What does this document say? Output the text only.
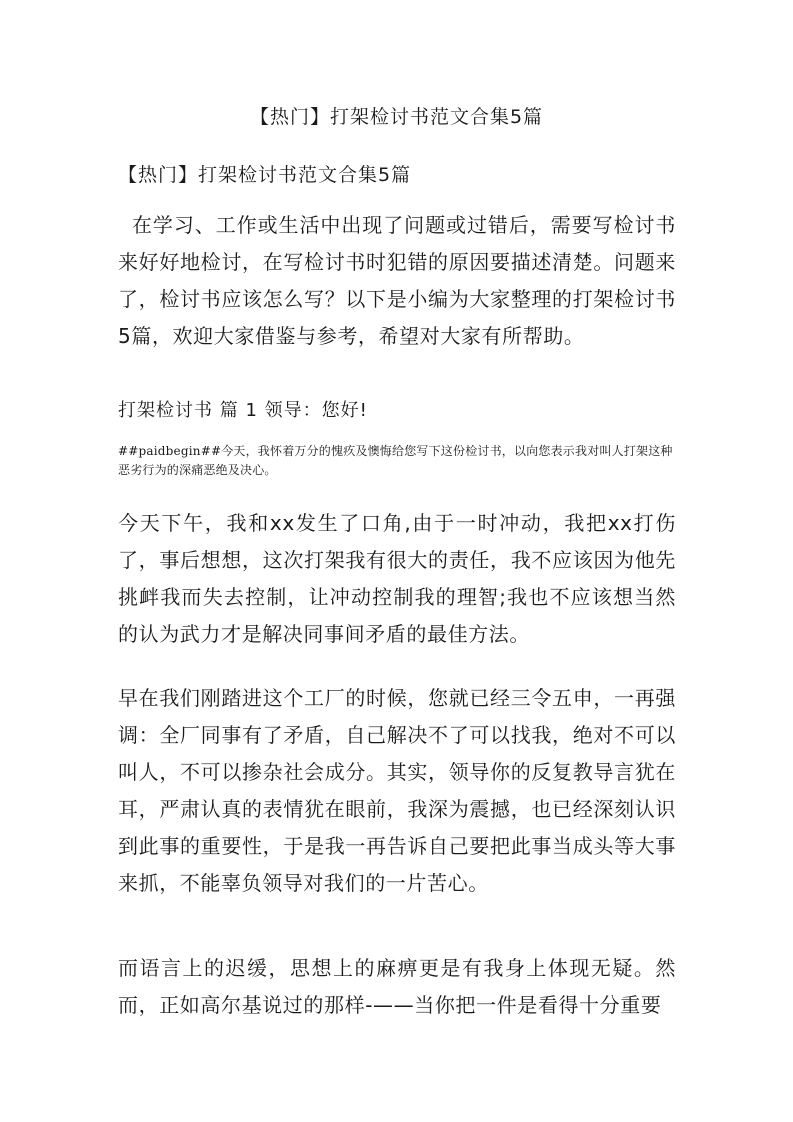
【热门】打架检讨书范文合集5篇
【热门】打架检讨书范文合集5篇

在学习、工作或生活中出现了问题或过错后，需要写检讨书来好好地检讨，在写检讨书时犯错的原因要描述清楚。问题来了，检讨书应该怎么写？以下是小编为大家整理的打架检讨书5篇，欢迎大家借鉴与参考，希望对大家有所帮助。

打架检讨书 篇 1 领导：您好!

##paidbegin##今天，我怀着万分的愧疚及懊悔给您写下这份检讨书，以向您表示我对叫人打架这种恶劣行为的深痛恶绝及决心。

今天下午，我和xx发生了口角,由于一时冲动，我把xx打伤了，事后想想，这次打架我有很大的责任，我不应该因为他先挑衅我而失去控制，让冲动控制我的理智;我也不应该想当然的认为武力才是解决同事间矛盾的最佳方法。

早在我们刚踏进这个工厂的时候，您就已经三令五申，一再强调：全厂同事有了矛盾，自己解决不了可以找我，绝对不可以叫人，不可以掺杂社会成分。其实，领导你的反复教导言犹在耳，严肃认真的表情犹在眼前，我深为震撼，也已经深刻认识到此事的重要性，于是我一再告诉自己要把此事当成头等大事来抓，不能辜负领导对我们的一片苦心。

而语言上的迟缓，思想上的麻痹更是有我身上体现无疑。然而，正如高尔基说过的那样-——当你把一件是看得十分重要
